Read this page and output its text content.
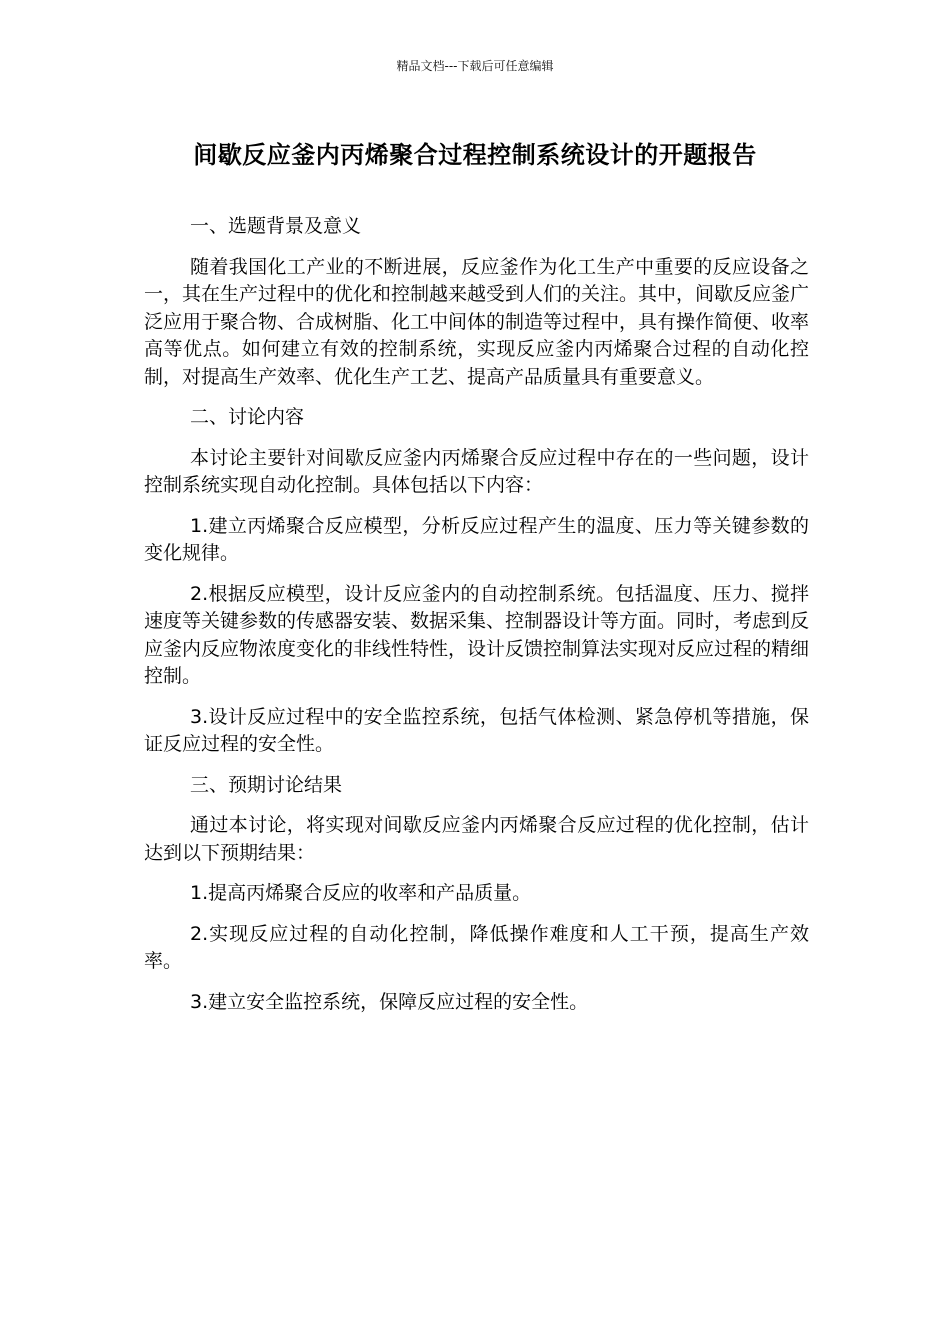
精品文档---下载后可任意编辑
间歇反应釜内丙烯聚合过程控制系统设计的开题报告

一、选题背景及意义

随着我国化工产业的不断进展，反应釜作为化工生产中重要的反应设备之一，其在生产过程中的优化和控制越来越受到人们的关注。其中，间歇反应釜广泛应用于聚合物、合成树脂、化工中间体的制造等过程中，具有操作简便、收率高等优点。如何建立有效的控制系统，实现反应釜内丙烯聚合过程的自动化控制，对提高生产效率、优化生产工艺、提高产品质量具有重要意义。

二、讨论内容

本讨论主要针对间歇反应釜内丙烯聚合反应过程中存在的一些问题，设计控制系统实现自动化控制。具体包括以下内容：

1.建立丙烯聚合反应模型，分析反应过程产生的温度、压力等关键参数的变化规律。

2.根据反应模型，设计反应釜内的自动控制系统。包括温度、压力、搅拌速度等关键参数的传感器安装、数据采集、控制器设计等方面。同时，考虑到反应釜内反应物浓度变化的非线性特性，设计反馈控制算法实现对反应过程的精细控制。

3.设计反应过程中的安全监控系统，包括气体检测、紧急停机等措施，保证反应过程的安全性。

三、预期讨论结果

通过本讨论，将实现对间歇反应釜内丙烯聚合反应过程的优化控制，估计达到以下预期结果：

1.提高丙烯聚合反应的收率和产品质量。

2.实现反应过程的自动化控制，降低操作难度和人工干预，提高生产效率。

3.建立安全监控系统，保障反应过程的安全性。
